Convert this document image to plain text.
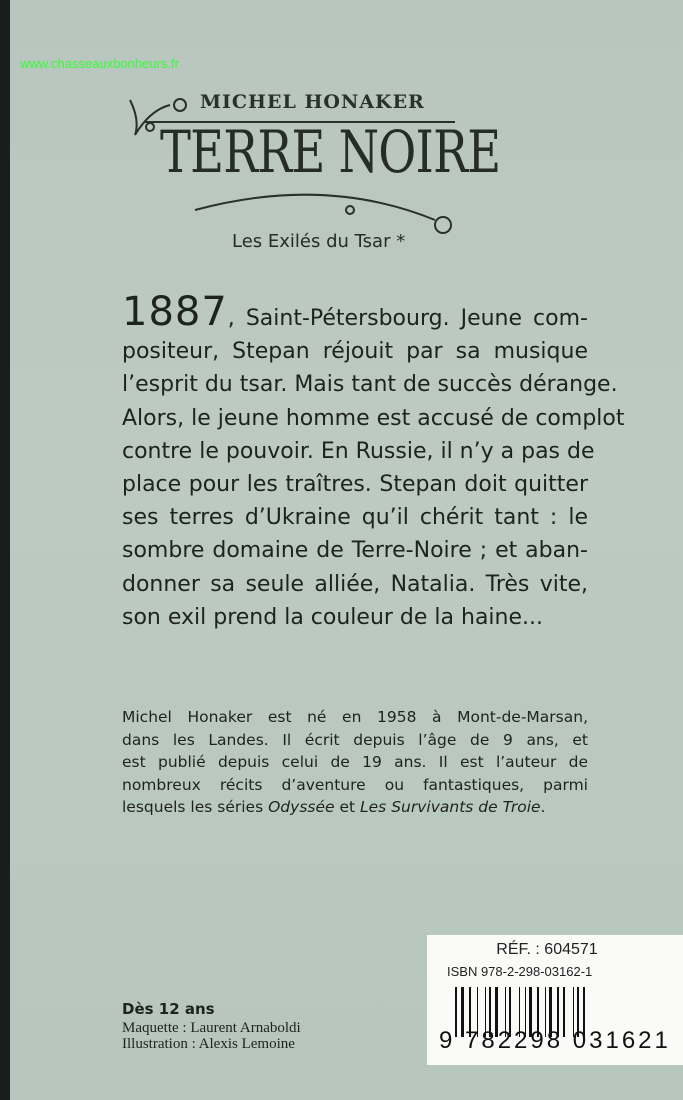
www.chasseauxbonheurs.fr
MICHEL HONAKER
TERRE NOIRE
Les Exilés du Tsar *
1887, Saint-Pétersbourg. Jeune com-
positeur, Stepan réjouit par sa musique
l’esprit du tsar. Mais tant de succès dérange.
Alors, le jeune homme est accusé de complot
contre le pouvoir. En Russie, il n’y a pas de
place pour les traîtres. Stepan doit quitter
ses terres d’Ukraine qu’il chérit tant : le
sombre domaine de Terre-Noire ; et aban-
donner sa seule alliée, Natalia. Très vite,
son exil prend la couleur de la haine...
Michel Honaker est né en 1958 à Mont-de-Marsan,
dans les Landes. Il écrit depuis l’âge de 9 ans, et
est publié depuis celui de 19 ans. Il est l’auteur de
nombreux récits d’aventure ou fantastiques, parmi
lesquels les séries Odyssée et Les Survivants de Troie.
Dès 12 ans
Maquette : Laurent Arnaboldi
Illustration : Alexis Lemoine
RÉF. : 604571
ISBN 978-2-298-03162-1
9 782298 031621
